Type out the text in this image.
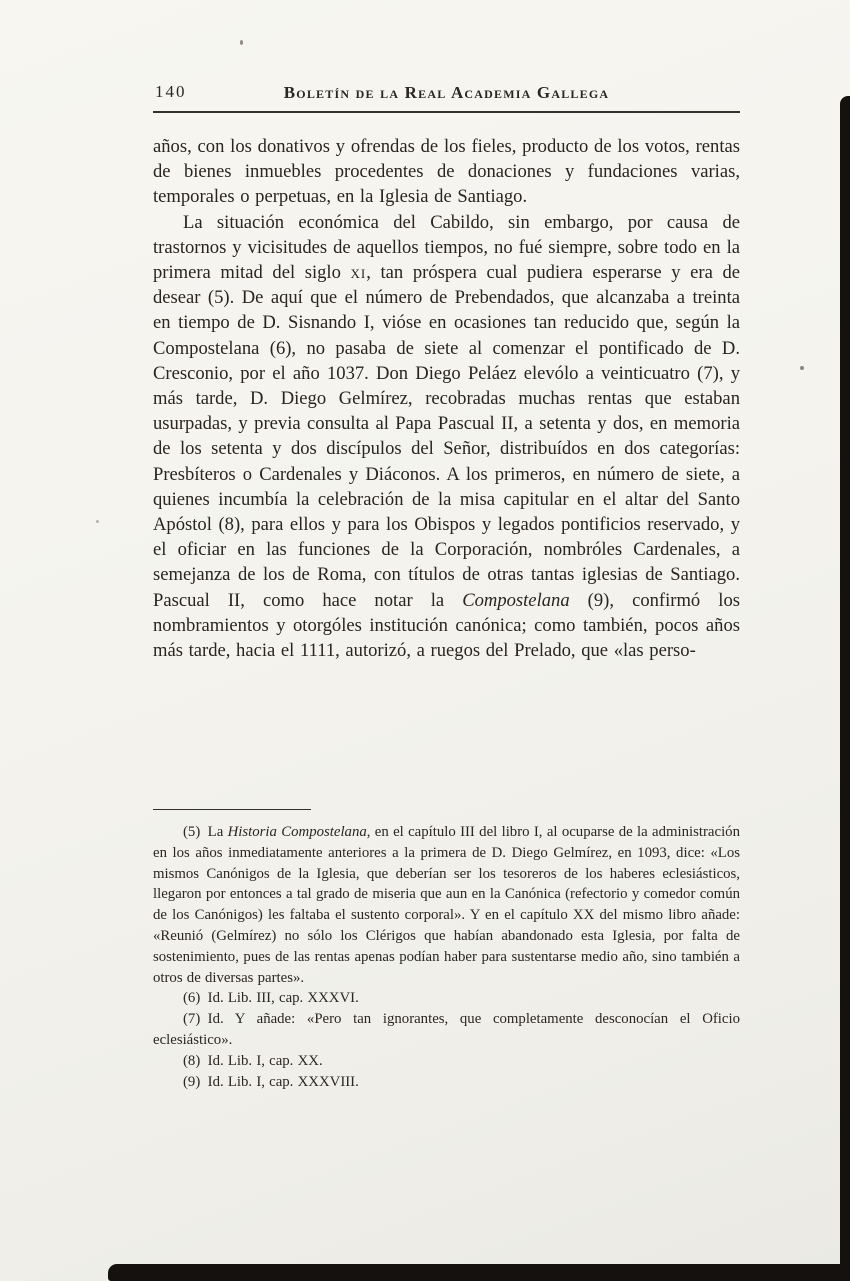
140	Boletín de la Real Academia Gallega

años, con los donativos y ofrendas de los fieles, producto de los votos, rentas de bienes inmuebles procedentes de donaciones y fundaciones varias, temporales o perpetuas, en la Iglesia de Santiago.

La situación económica del Cabildo, sin embargo, por causa de trastornos y vicisitudes de aquellos tiempos, no fué siempre, sobre todo en la primera mitad del siglo xi, tan próspera cual pudiera esperarse y era de desear (5). De aquí que el número de Prebendados, que alcanzaba a treinta en tiempo de D. Sisnando I, vióse en ocasiones tan reducido que, según la Compostelana (6), no pasaba de siete al comenzar el pontificado de D. Cresconio, por el año 1037. Don Diego Peláez elevólo a veinticuatro (7), y más tarde, D. Diego Gelmírez, recobradas muchas rentas que estaban usurpadas, y previa consulta al Papa Pascual II, a setenta y dos, en memoria de los setenta y dos discípulos del Señor, distribuídos en dos categorías: Presbíteros o Cardenales y Diáconos. A los primeros, en número de siete, a quienes incumbía la celebración de la misa capitular en el altar del Santo Apóstol (8), para ellos y para los Obispos y legados pontificios reservado, y el oficiar en las funciones de la Corporación, nombróles Cardenales, a semejanza de los de Roma, con títulos de otras tantas iglesias de Santiago. Pascual II, como hace notar la Compostelana (9), confirmó los nombramientos y otorgóles institución canónica; como también, pocos años más tarde, hacia el 1111, autorizó, a ruegos del Prelado, que «las perso-

(5) La Historia Compostelana, en el capítulo III del libro I, al ocuparse de la administración en los años inmediatamente anteriores a la primera de D. Diego Gelmírez, en 1093, dice: «Los mismos Canónigos de la Iglesia, que deberían ser los tesoreros de los haberes eclesiásticos, llegaron por entonces a tal grado de miseria que aun en la Canónica (refectorio y comedor común de los Canónigos) les faltaba el sustento corporal». Y en el capítulo XX del mismo libro añade: «Reunió (Gelmírez) no sólo los Clérigos que habían abandonado esta Iglesia, por falta de sostenimiento, pues de las rentas apenas podían haber para sustentarse medio año, sino también a otros de diversas partes».

(6) Id. Lib. III, cap. XXXVI.

(7) Id. Y añade: «Pero tan ignorantes, que completamente desconocían el Oficio eclesiástico».

(8) Id. Lib. I, cap. XX.

(9) Id. Lib. I, cap. XXXVIII.
